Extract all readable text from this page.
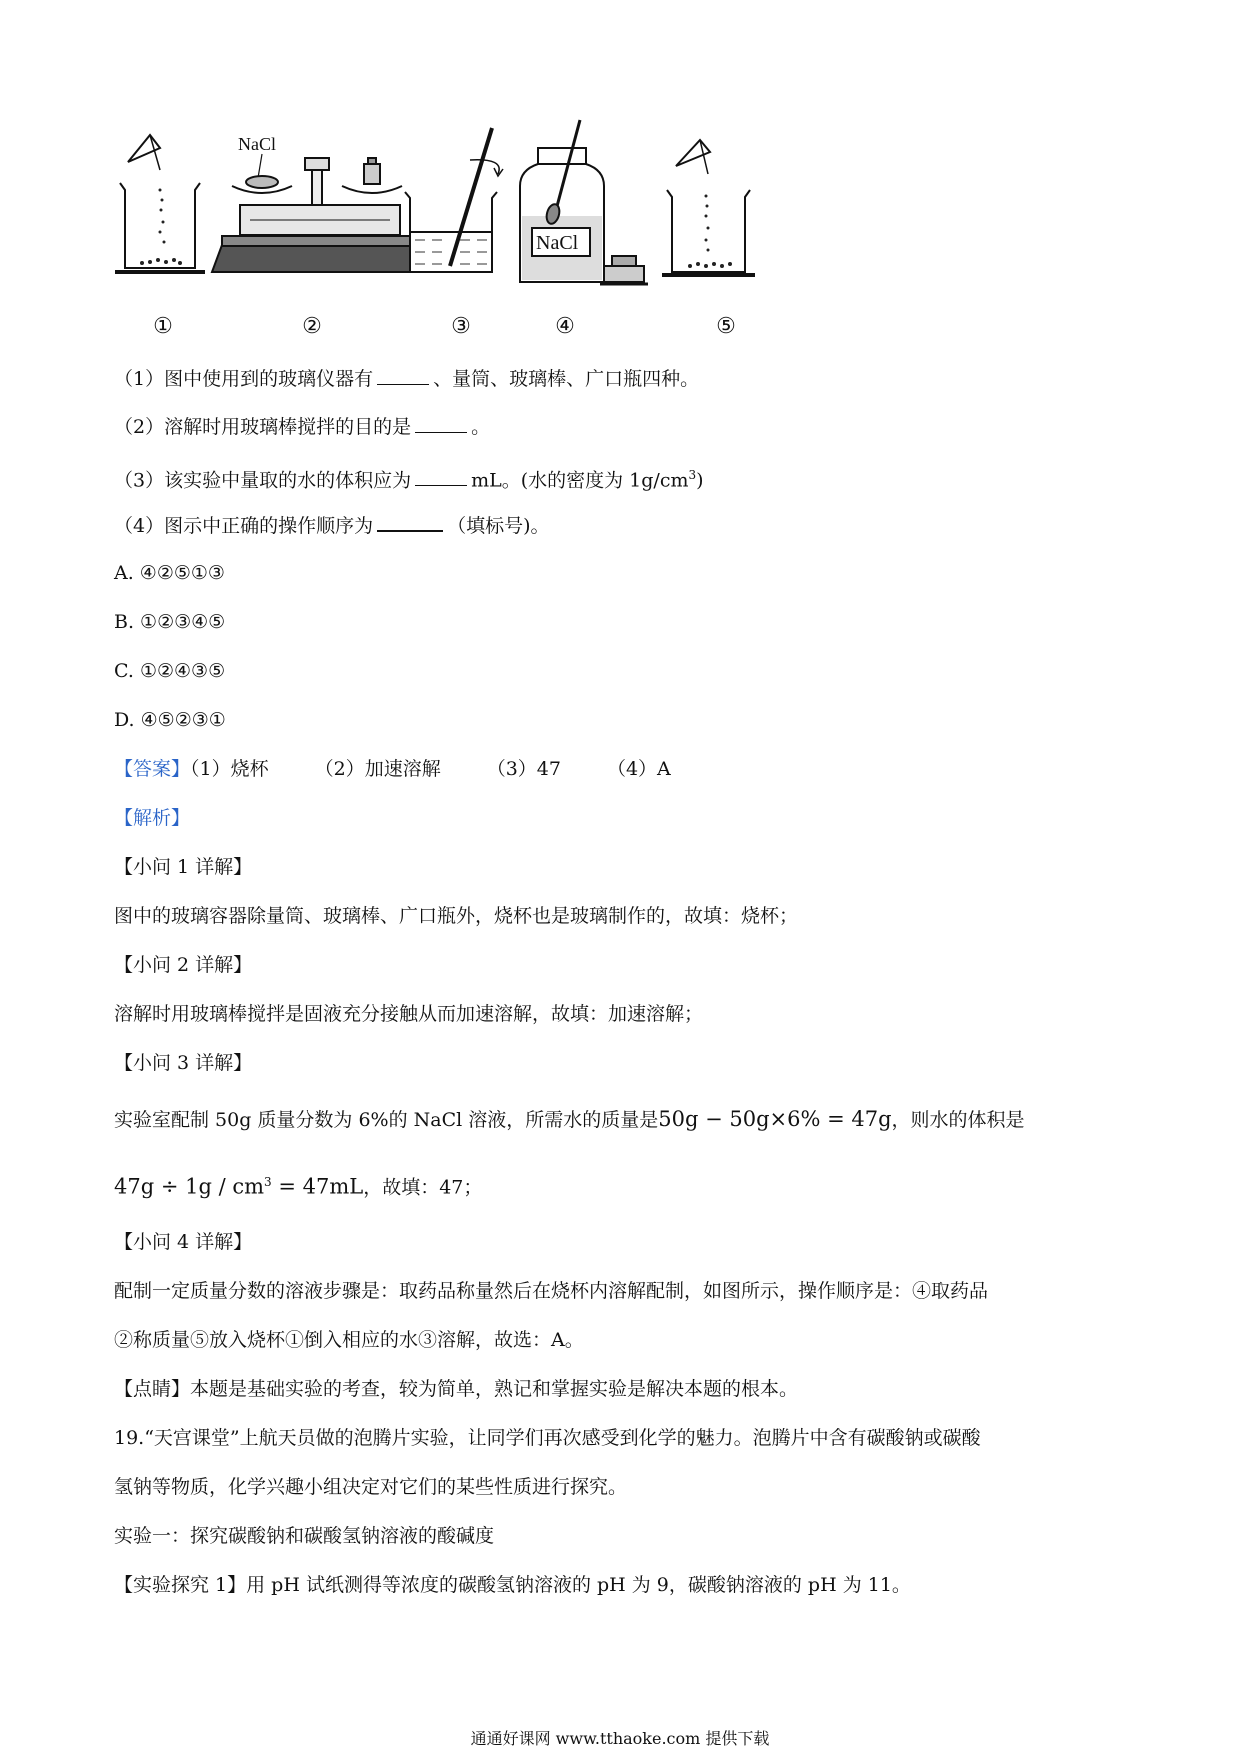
NaCl
NaCl
①	②	③	④	⑤
（1）图中使用到的玻璃仪器有	、量筒、玻璃棒、广口瓶四种。
（2）溶解时用玻璃棒搅拌的目的是	。
（3）该实验中量取的水的体积应为	mL。(水的密度为 $1g/cm^3$)
（4）图示中正确的操作顺序为	（填标号)。
A. ④②⑤①③
B. ①②③④⑤
C. ①②④③⑤
D. ④⑤②③①
【答案】（1）烧杯 （2）加速溶解 （3）47 （4）A
【解析】
【小问 1 详解】
图中的玻璃容器除量筒、玻璃棒、广口瓶外，烧杯也是玻璃制作的，故填：烧杯；
【小问 2 详解】
溶解时用玻璃棒搅拌是固液充分接触从而加速溶解，故填：加速溶解；
【小问 3 详解】
实验室配制 50g 质量分数为 6%的 NaCl 溶液，所需水的质量是50g − 50g×6% = 47g，则水的体积是
$47g \div 1g / cm^3 = 47mL$，故填：47；
【小问 4 详解】
配制一定质量分数的溶液步骤是：取药品称量然后在烧杯内溶解配制，如图所示，操作顺序是：④取药品
②称质量⑤放入烧杯①倒入相应的水③溶解，故选：A。
【点睛】本题是基础实验的考查，较为简单，熟记和掌握实验是解决本题的根本。
19.“天宫课堂”上航天员做的泡腾片实验，让同学们再次感受到化学的魅力。泡腾片中含有碳酸钠或碳酸
氢钠等物质，化学兴趣小组决定对它们的某些性质进行探究。
实验一：探究碳酸钠和碳酸氢钠溶液的酸碱度
【实验探究 1】用 pH 试纸测得等浓度的碳酸氢钠溶液的 pH 为 9，碳酸钠溶液的 pH 为 11。
通通好课网 www.tthaoke.com 提供下载
